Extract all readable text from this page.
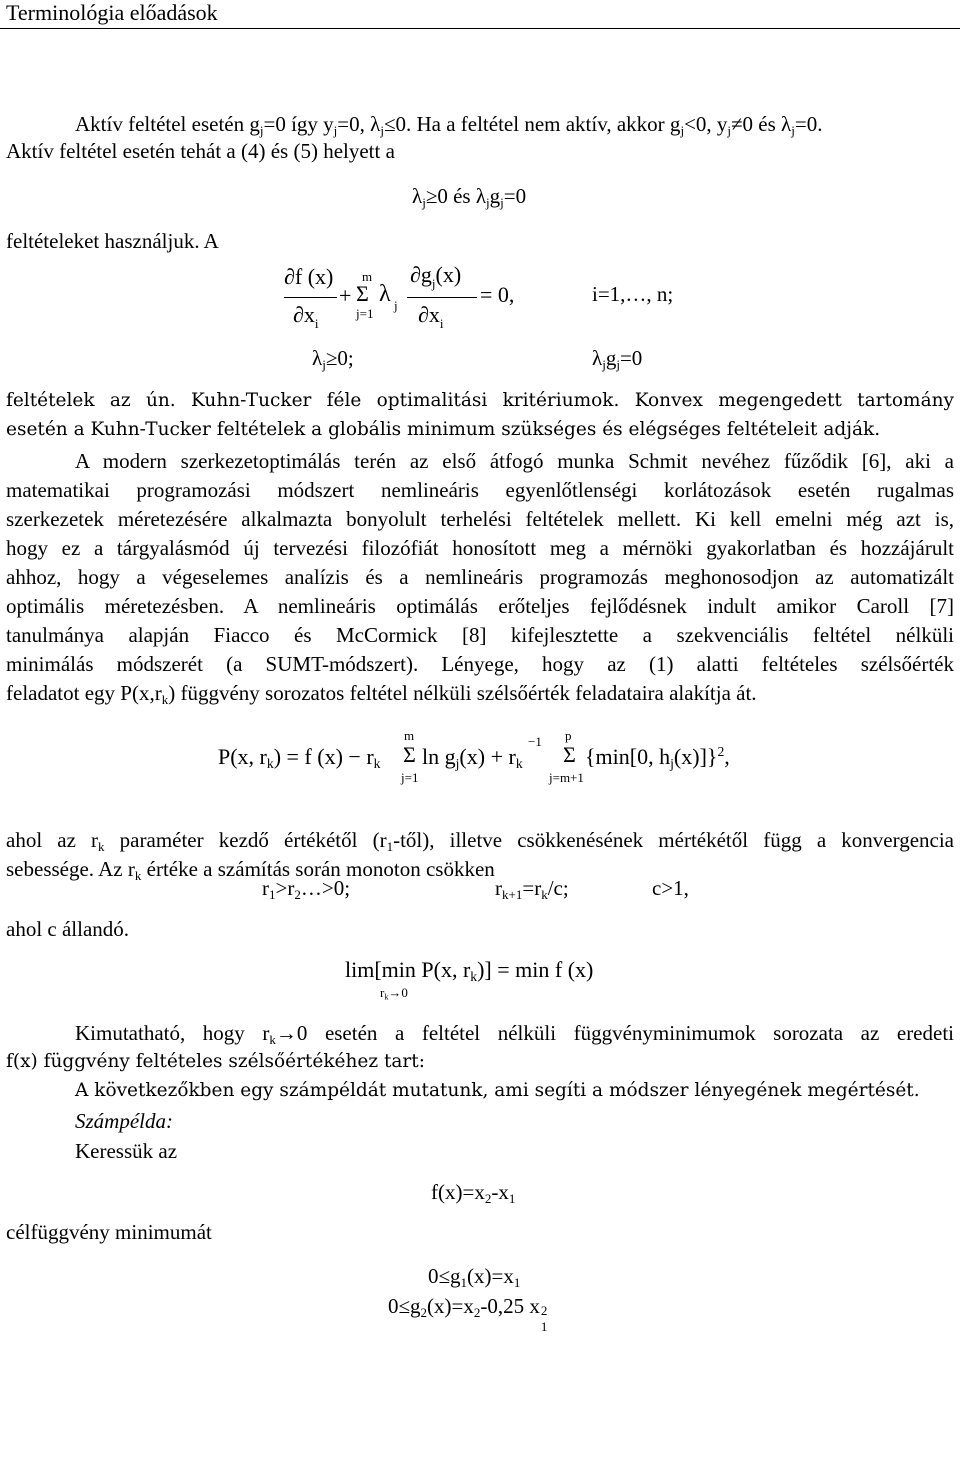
Terminológia előadások
Aktív feltétel esetén $g_j=0$ így $y_j=0$, $\lambda_j\le 0$. Ha a feltétel nem aktív, akkor $g_j<0$, $y_j\ne 0$ és $\lambda_j=0$.
Aktív feltétel esetén tehát a (4) és (5) helyett a
$\lambda_j\ge 0$ és $\lambda_jg_j=0$
feltételeket használjuk. A
∂f (x)
$\partial x_i$
+
m
Σ
j=1
λ j
$\partial g_j(x)$
$\partial x_i$
= 0,	i=1,…, n;
$\lambda_j\ge 0$;	$\lambda_jg_j=0$
feltételek az ún. Kuhn-Tucker féle optimalitási kritériumok. Konvex megengedett tartomány
esetén a Kuhn-Tucker feltételek a globális minimum szükséges és elégséges feltételeit adják.
A modern szerkezetoptimálás terén az első átfogó munka Schmit nevéhez fűződik [6], aki a
matematikai programozási módszert nemlineáris egyenlőtlenségi korlátozások esetén rugalmas
szerkezetek méretezésére alkalmazta bonyolult terhelési feltételek mellett. Ki kell emelni még azt is,
hogy ez a tárgyalásmód új tervezési filozófiát honosított meg a mérnöki gyakorlatban és hozzájárult
ahhoz, hogy a végeselemes analízis és a nemlineáris programozás meghonosodjon az automatizált
optimális méretezésben. A nemlineáris optimálás erőteljes fejlődésnek indult amikor Caroll [7]
tanulmánya alapján Fiacco és McCormick [8] kifejlesztette a szekvenciális feltétel nélküli
minimálás módszerét (a SUMT-módszert). Lényege, hogy az (1) alatti feltételes szélsőérték
feladatot egy $P(x,r_k)$ függvény sorozatos feltétel nélküli szélsőérték feladataira alakítja át.
P(x, $r_k) = f$ $(x) - r_k$
m
Σ
j=1
$\ln g_j(x) + r_k$
−1 p
Σ
j=m+1
{min[0, $h_j(x)]\}^2$,
ahol az $r_k$ paraméter kezdő értékétől $(r_1-től)$, illetve csökkenésének mértékétől függ a konvergencia
sebessége. Az $r_k$ értéke a számítás során monoton csökken
$r_1>r_2\dots>0$;	$r_{k+1}=r_k/c$;	c>1,
ahol c állandó.
lim[min P(x, $r_k)] = \min f$ (x)
$r_k\to 0$
Kimutatható, hogy $r_k\to 0$ esetén a feltétel nélküli függvényminimumok sorozata az eredeti
f(x) függvény feltételes szélsőértékéhez tart:
A következőkben egy számpéldát mutatunk, ami segíti a módszer lényegének megértését.
Számpélda:
Keressük az
$f(x)=x_2-x_1$
célfüggvény minimumát
$0\le g_1(x)=x_1$
$0\le g_2(x)=x_2-0,25$ x 2
1
